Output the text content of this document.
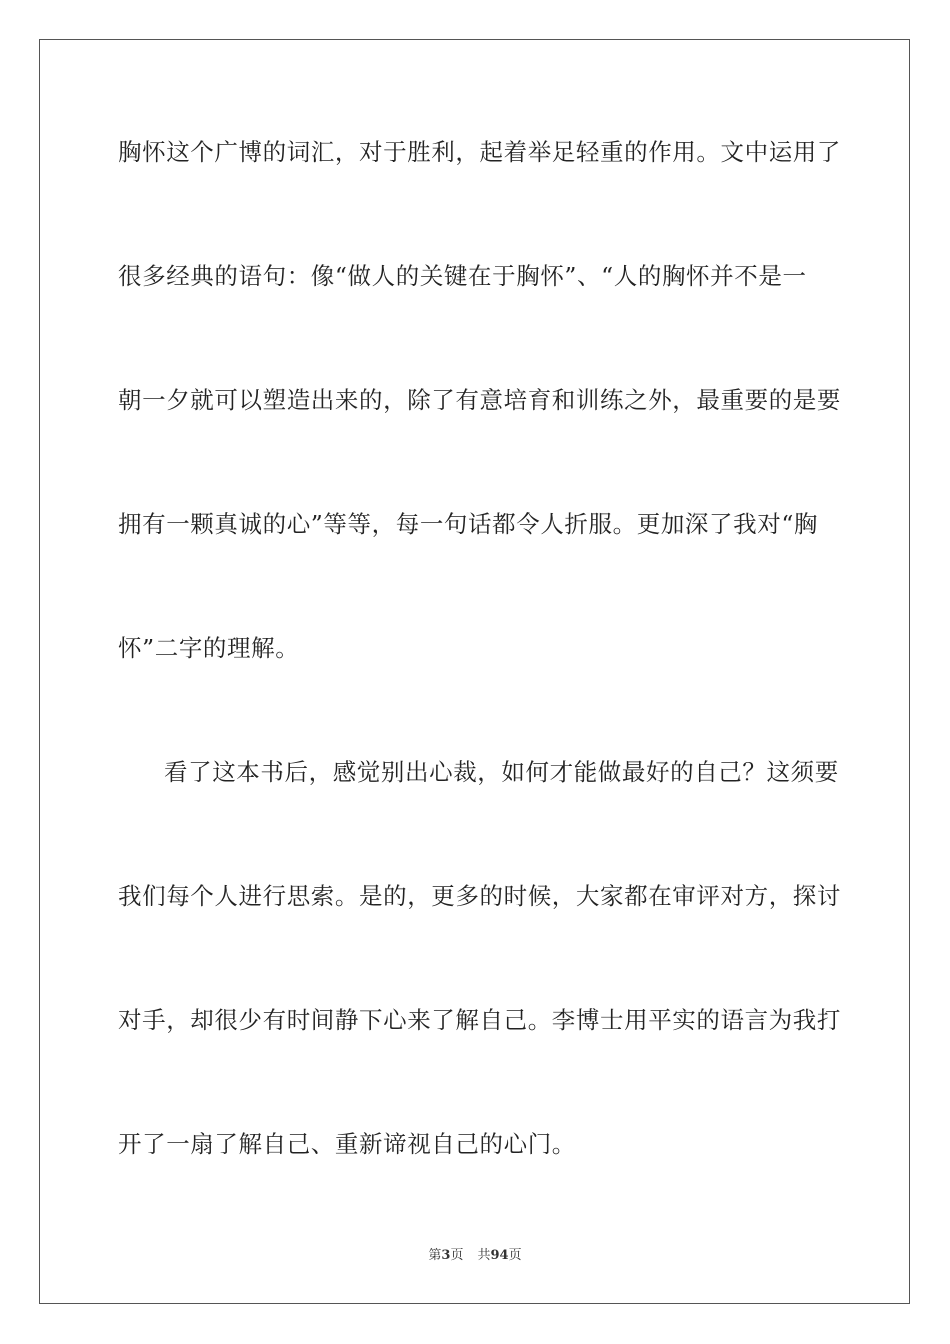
胸怀这个广博的词汇，对于胜利，起着举足轻重的作用。文中运用了
很多经典的语句：像“做人的关键在于胸怀”、“人的胸怀并不是一
朝一夕就可以塑造出来的，除了有意培育和训练之外，最重要的是要
拥有一颗真诚的心”等等，每一句话都令人折服。更加深了我对“胸
怀”二字的理解。
看了这本书后，感觉别出心裁，如何才能做最好的自己？这须要
我们每个人进行思索。是的，更多的时候，大家都在审评对方，探讨
对手，却很少有时间静下心来了解自己。李博士用平实的语言为我打
开了一扇了解自己、重新谛视自己的心门。
第3页 共94页
